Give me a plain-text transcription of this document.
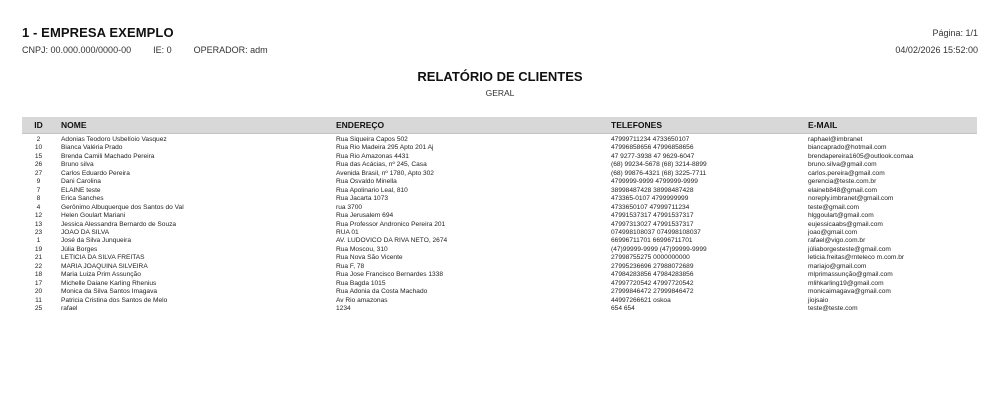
1 - EMPRESA EXEMPLO	Página: 1/1
CNPJ: 00.000.000/0000-00 IE: 0 OPERADOR: adm	04/02/2026 15:52:00
RELATÓRIO DE CLIENTES
GERAL
ID	NOME	ENDEREÇO	TELEFONES	E-MAIL
2	Adonias Teodoro Usbelíoio Vasquez	Rua Siqueira Capos 502	47999711234 4733650107	raphael@imbranet
10	Bianca Valéria Prado	Rua Rio Madeira 295 Apto 201 Aj	47996858656 47996858656	biancaprado@hotmail.com
15	Brenda Camili Machado Pereira	Rua Rio Amazonas 4431	47 9277-3938 47 9629-6047	brendapereira1605@outlook.comaa
26	Bruno silva	Rua das Acácias, nº 245, Casa	(68) 99234-5678 (68) 3214-8899	bruno.silva@gmail.com
27	Carlos Eduardo Pereira	Avenida Brasil, nº 1780, Apto 302	(68) 99876-4321 (68) 3225-7711	carlos.pereira@gmail.com
9	Dani Carolina	Rua Osvaldo Minella	4799999-9999 4799999-9999	gerencia@teste.com.br
7	ELAINE teste	Rua Apolinario Leal, 810	38998487428 38998487428	elaineb848@gmail.com
8	Erica Sanches	Rua Jacarta 1073	473365-0107 4799999999	noreply.imbranet@gmail.com
4	Gerônimo Albuquerque dos Santos do Val	rua 3700	4733650107 47999711234	teste@gmail.com
12	Helen Goulart Mariani	Rua Jerusalem 694	47991537317 47991537317	hlggoulart@gmail.com
13	Jessica Alessandra Bernardo de Souza	Rua Professor Andronico Pereira 201	47997313027 47991537317	eujessicaabs@gmail.com
23	JOAO DA SILVA	RUA 01	074998108037 074998108037	joao@gmail.com
1	José da Silva Junqueira	AV. LUDOVICO DA RIVA NETO, 2674	66996711701 66996711701	rafael@vigo.com.br
19	Júlia Borges	Rua Moscou, 310	(47)99999-9999 (47)99999-9999	júliaborgesteste@gmail.com
21	LETICIA DA SILVA FREITAS	Rua Nova São Vicente	27998755275 0000000000	leticia.freitas@rnteleco m.com.br
22	MARIA JOAQUINA SILVEIRA	Rua F, 78	27995236696 27988072689	mariajo@gmail.com
18	Maria Luiza Prim Assunção	Rua Jose Francisco Bernardes 1338	47984283856 47984283856	mlprimassunção@gmail.com
17	Michelle Daiane Karling Rhenius	Rua Bagda 1015	47997720542 47997720542	mlihkarling19@gmail.com
20	Monica da Silva Santos Imagava	Rua Adonia da Costa Machado	27999846472 27999846472	monicaimagava@gmail.com
11	Patricia Cristina dos Santos de Melo	Av Rio amazonas	44997266621 oskoa	jiojsaio
25	rafael	1234	654 654	teste@teste.com
